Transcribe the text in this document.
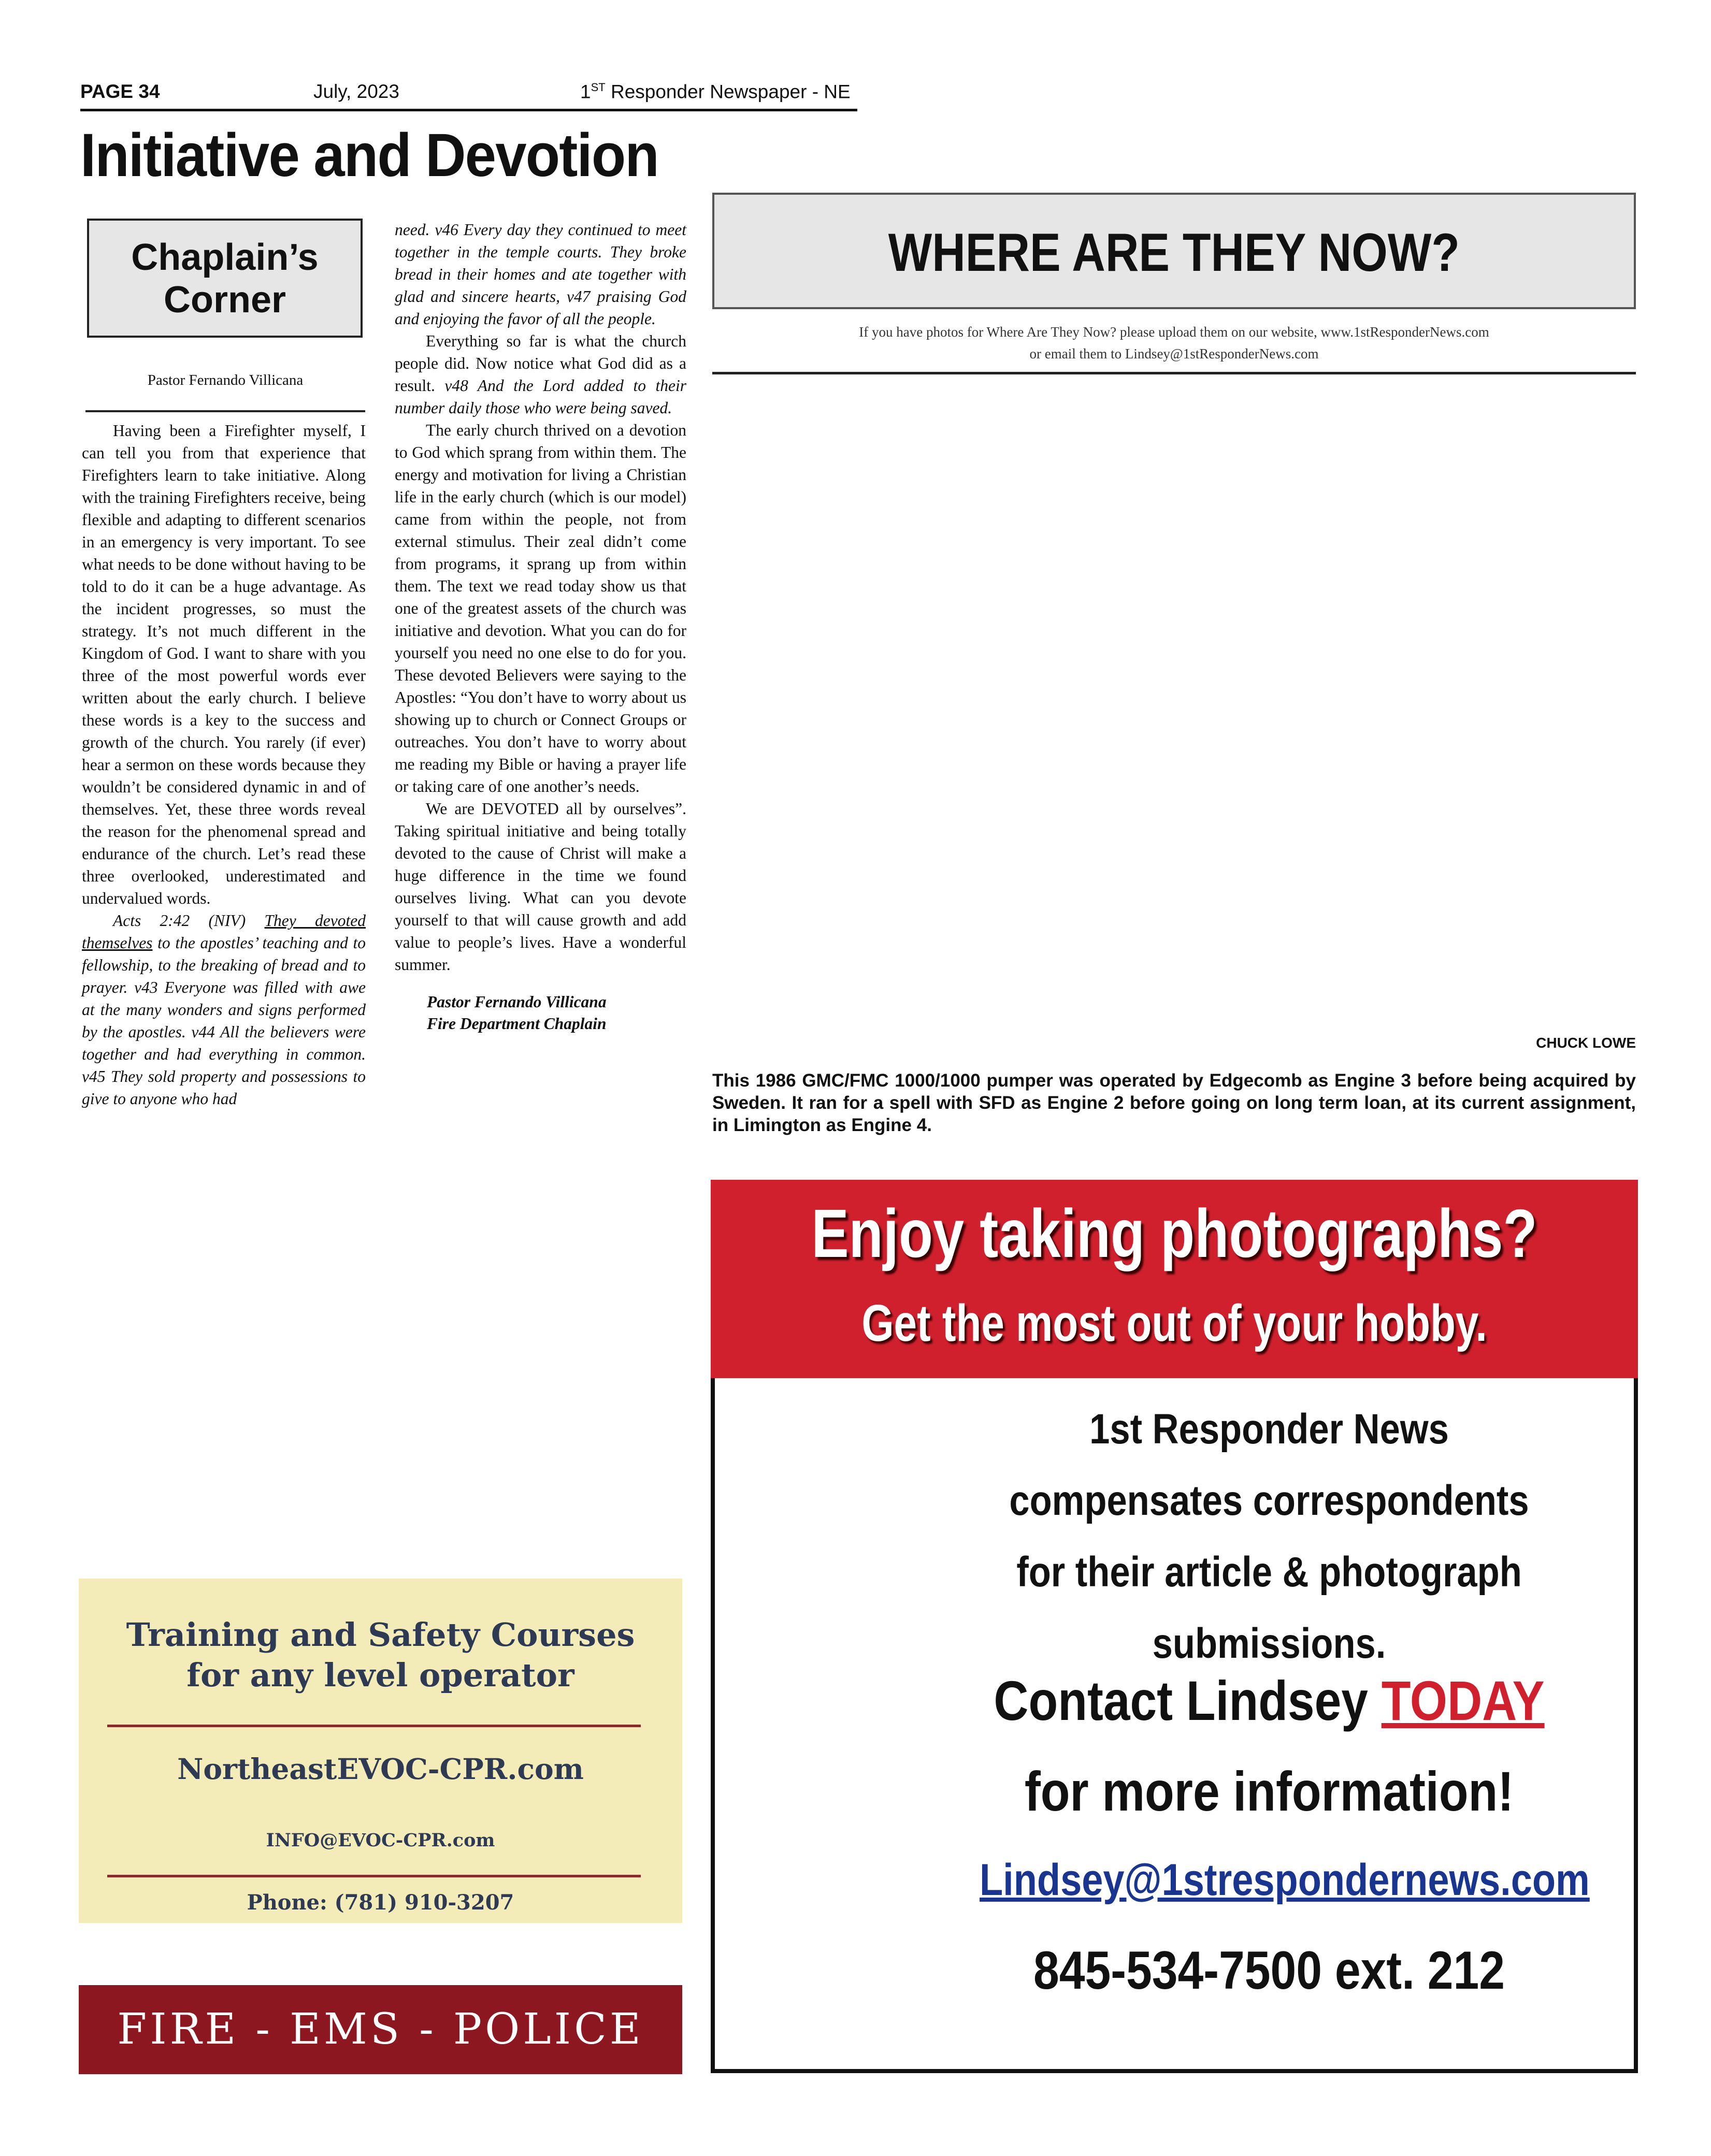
PAGE 34	July, 2023	1ST Responder Newspaper - NE
Initiative and Devotion
Chaplain’s
Corner
Pastor Fernando Villicana

Having been a Firefighter myself, I can tell you from that experience that Firefighters learn to take initiative. Along with the training Firefighters receive, being flexible and adapting to different scenarios in an emergency is very important. To see what needs to be done without having to be told to do it can be a huge advantage. As the incident progresses, so must the strategy. It’s not much different in the Kingdom of God. I want to share with you three of the most powerful words ever written about the early church. I believe these words is a key to the success and growth of the church. You rarely (if ever) hear a sermon on these words because they wouldn’t be considered dynamic in and of themselves. Yet, these three words reveal the reason for the phenomenal spread and endurance of the church. Let’s read these three overlooked, underestimated and undervalued words.

Acts 2:42 (NIV) They devoted themselves to the apostles’ teaching and to fellowship, to the breaking of bread and to prayer. v43 Everyone was filled with awe at the many wonders and signs performed by the apostles. v44 All the believers were together and had everything in common. v45 They sold property and possessions to give to anyone who had

need. v46 Every day they continued to meet together in the temple courts. They broke bread in their homes and ate together with glad and sincere hearts, v47 praising God and enjoying the favor of all the people.

Everything so far is what the church people did. Now notice what God did as a result. v48 And the Lord added to their number daily those who were being saved.

The early church thrived on a devotion to God which sprang from within them. The energy and motivation for living a Christian life in the early church (which is our model) came from within the people, not from external stimulus. Their zeal didn’t come from programs, it sprang up from within them. The text we read today show us that one of the greatest assets of the church was initiative and devotion. What you can do for yourself you need no one else to do for you. These devoted Believers were saying to the Apostles: “You don’t have to worry about us showing up to church or Connect Groups or outreaches. You don’t have to worry about me reading my Bible or having a prayer life or taking care of one another’s needs.

We are DEVOTED all by ourselves”. Taking spiritual initiative and being totally devoted to the cause of Christ will make a huge difference in the time we found ourselves living. What can you devote yourself to that will cause growth and add value to people’s lives. Have a wonderful summer.

Pastor Fernando Villicana
Fire Department Chaplain
WHERE ARE THEY NOW?
If you have photos for Where Are They Now? please upload them on our website, www.1stResponderNews.com
or email them to Lindsey@1stResponderNews.com
CHUCK LOWE
This 1986 GMC/FMC 1000/1000 pumper was operated by Edgecomb as Engine 3 before being acquired by Sweden. It ran for a spell with SFD as Engine 2 before going on long term loan, at its current assignment, in Limington as Engine 4.
Enjoy taking photographs?
Get the most out of your hobby.
1st Responder News
compensates correspondents
for their article & photograph
submissions.
Contact Lindsey TODAY
for more information!
Lindsey@1strespondernews.com
845-534-7500 ext. 212
Training and Safety Courses
for any level operator
NortheastEVOC-CPR.com
INFO@EVOC-CPR.com
Phone: (781) 910-3207
FIRE - EMS - POLICE
